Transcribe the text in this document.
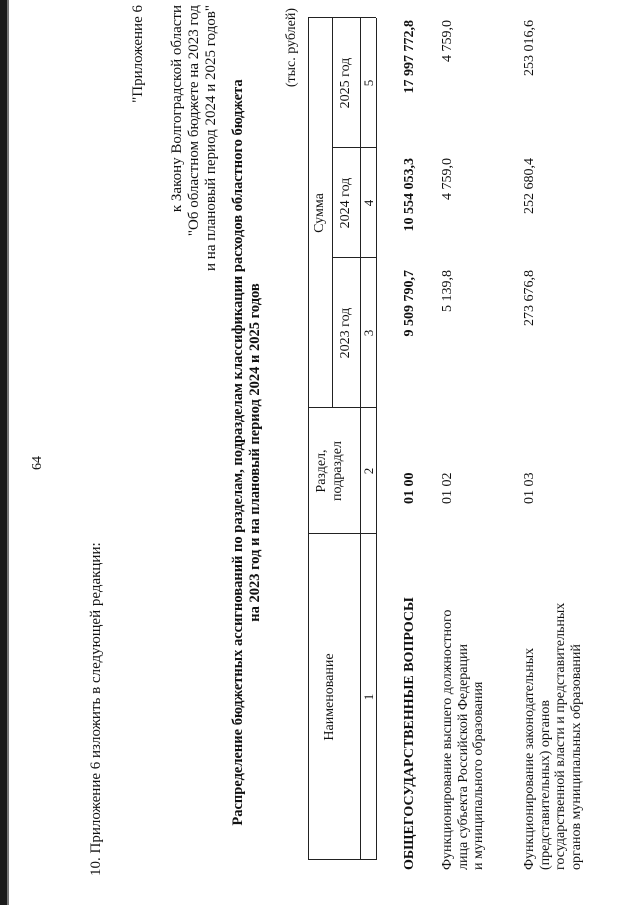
64
10. Приложение 6 изложить в следующей редакции:
"Приложение 6 к Закону Волгоградской области "Об областном бюджете на 2023 год и на плановый период 2024 и 2025 годов" Распределение бюджетных ассигнований по разделам, подразделам классификации расходов областного бюджета на 2023 год и на плановый период 2024 и 2025 годов
(тыс. рублей)
Наименование
Раздел, подраздел
Сумма
2023 год
2024 год
2025 год
1
2
3
4
5
ОБЩЕГОСУДАРСТВЕННЫЕ ВОПРОСЫ
01 00
9 509 790,7
10 554 053,3
17 997 772,8
Функционирование высшего должностного лица субъекта Российской Федерации и муниципального образования
01 02
5 139,8
4 759,0
4 759,0
Функционирование законодательных (представительных) органов государственной власти и представительных органов муниципальных образований
01 03
273 676,8
252 680,4
253 016,6
